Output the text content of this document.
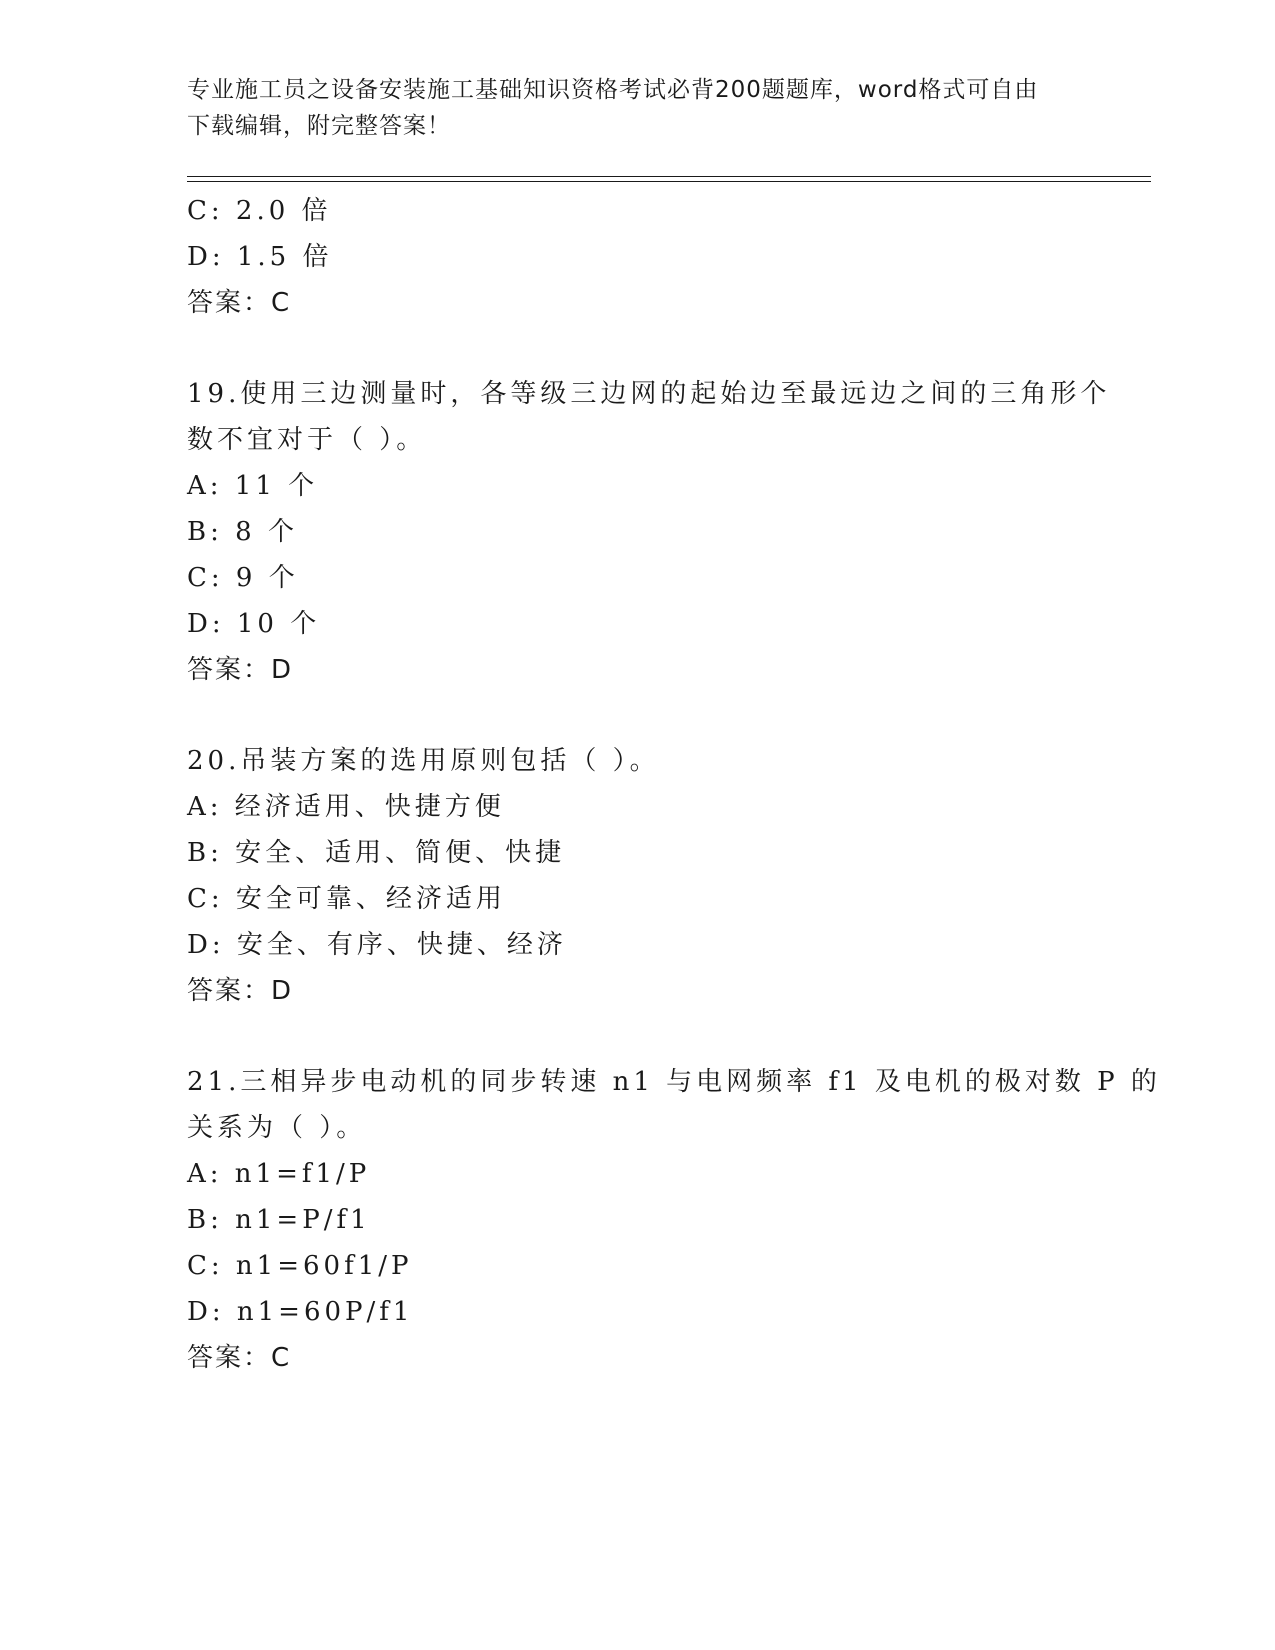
专业施工员之设备安装施工基础知识资格考试必背200题题库，word格式可自由
下载编辑，附完整答案！
C: 2.0 倍
D: 1.5 倍
答案：C
19.使用三边测量时，各等级三边网的起始边至最远边之间的三角形个
数不宜对于（ ）。
A: 11 个
B: 8 个
C: 9 个
D: 10 个
答案：D
20.吊装方案的选用原则包括（ ）。
A: 经济适用、快捷方便
B: 安全、适用、简便、快捷
C: 安全可靠、经济适用
D: 安全、有序、快捷、经济
答案：D
21.三相异步电动机的同步转速 n1 与电网频率 f1 及电机的极对数 P 的
关系为（ ）。
A: n1=f1/P
B: n1=P/f1
C: n1=60f1/P
D: n1=60P/f1
答案：C
